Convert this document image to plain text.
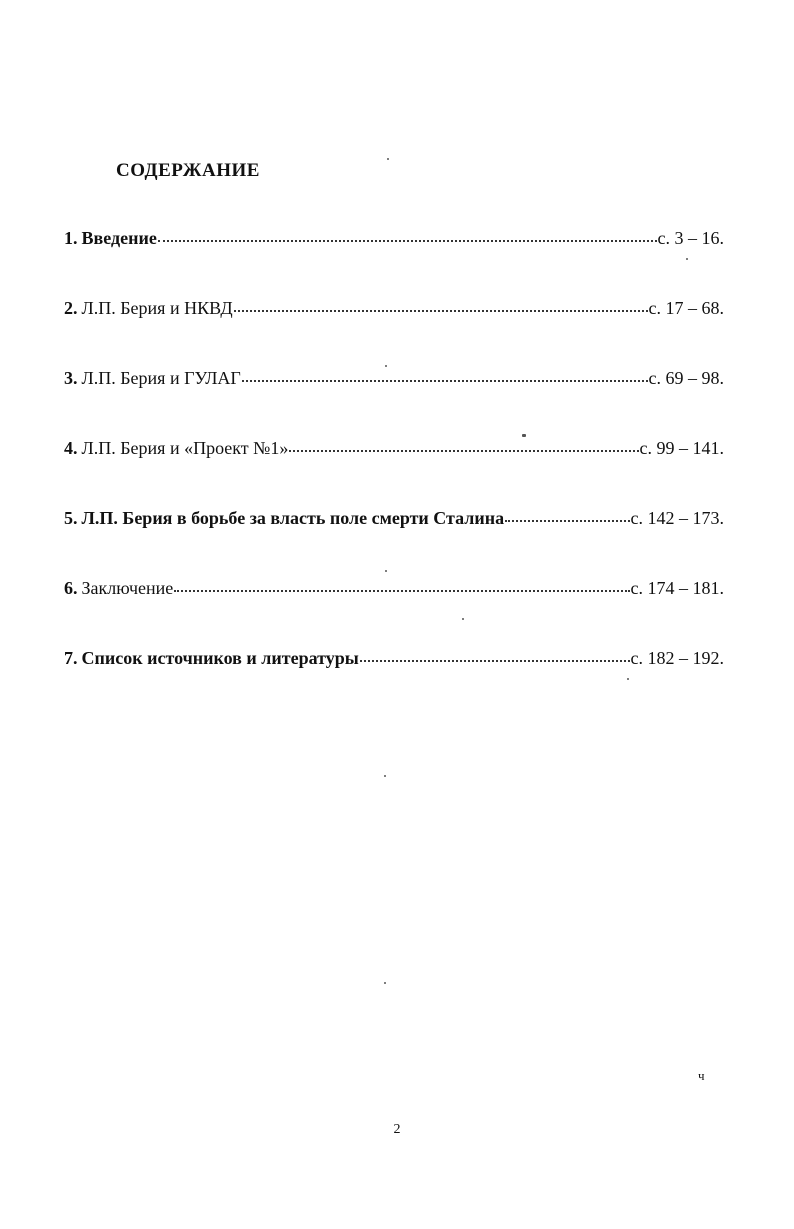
СОДЕРЖАНИЕ
1. Введение	с. 3 – 16.
2. Л.П. Берия и НКВД	с. 17 – 68.
3. Л.П. Берия и ГУЛАГ	с. 69 – 98.
4. Л.П. Берия и «Проект №1»	с. 99 – 141.
5. Л.П. Берия в борьбе за власть поле смерти Сталина	с. 142 – 173.
6. Заключение	с. 174 – 181.
7. Список источников и литературы	с. 182 – 192.
ч
2
